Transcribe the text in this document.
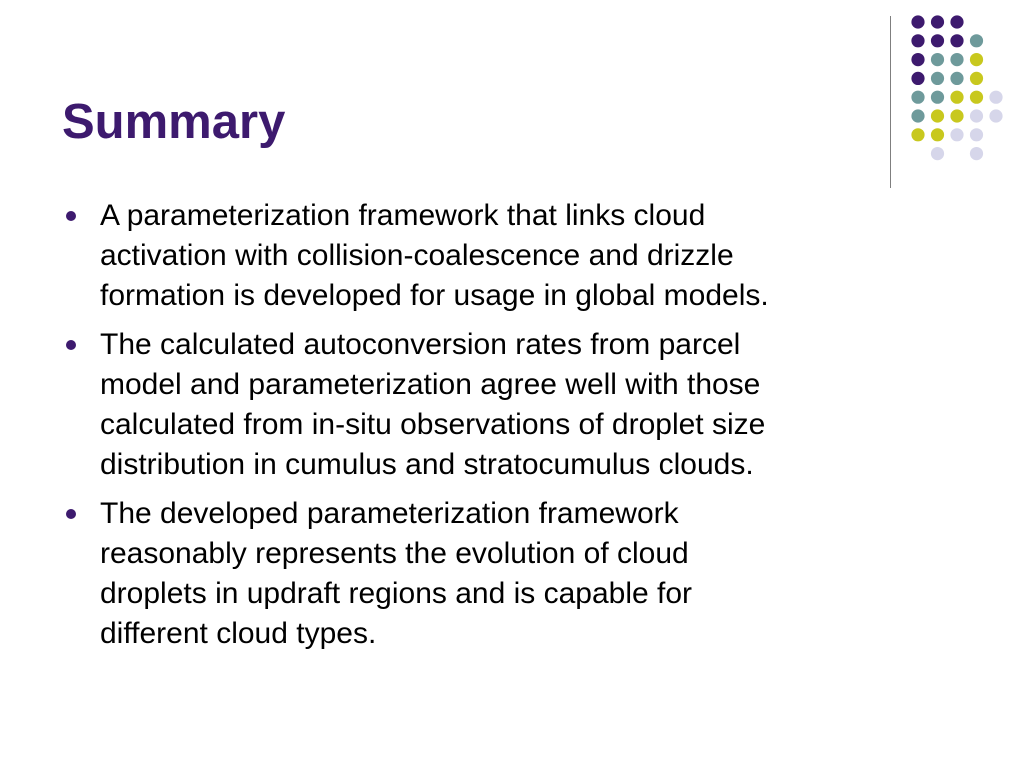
Summary
A parameterization framework that links cloud
activation with collision-coalescence and drizzle
formation is developed for usage in global models.
The calculated autoconversion rates from parcel
model and parameterization agree well with those
calculated from in-situ observations of droplet size
distribution in cumulus and stratocumulus clouds.
The developed parameterization framework
reasonably represents the evolution of cloud
droplets in updraft regions and is capable for
different cloud types.
